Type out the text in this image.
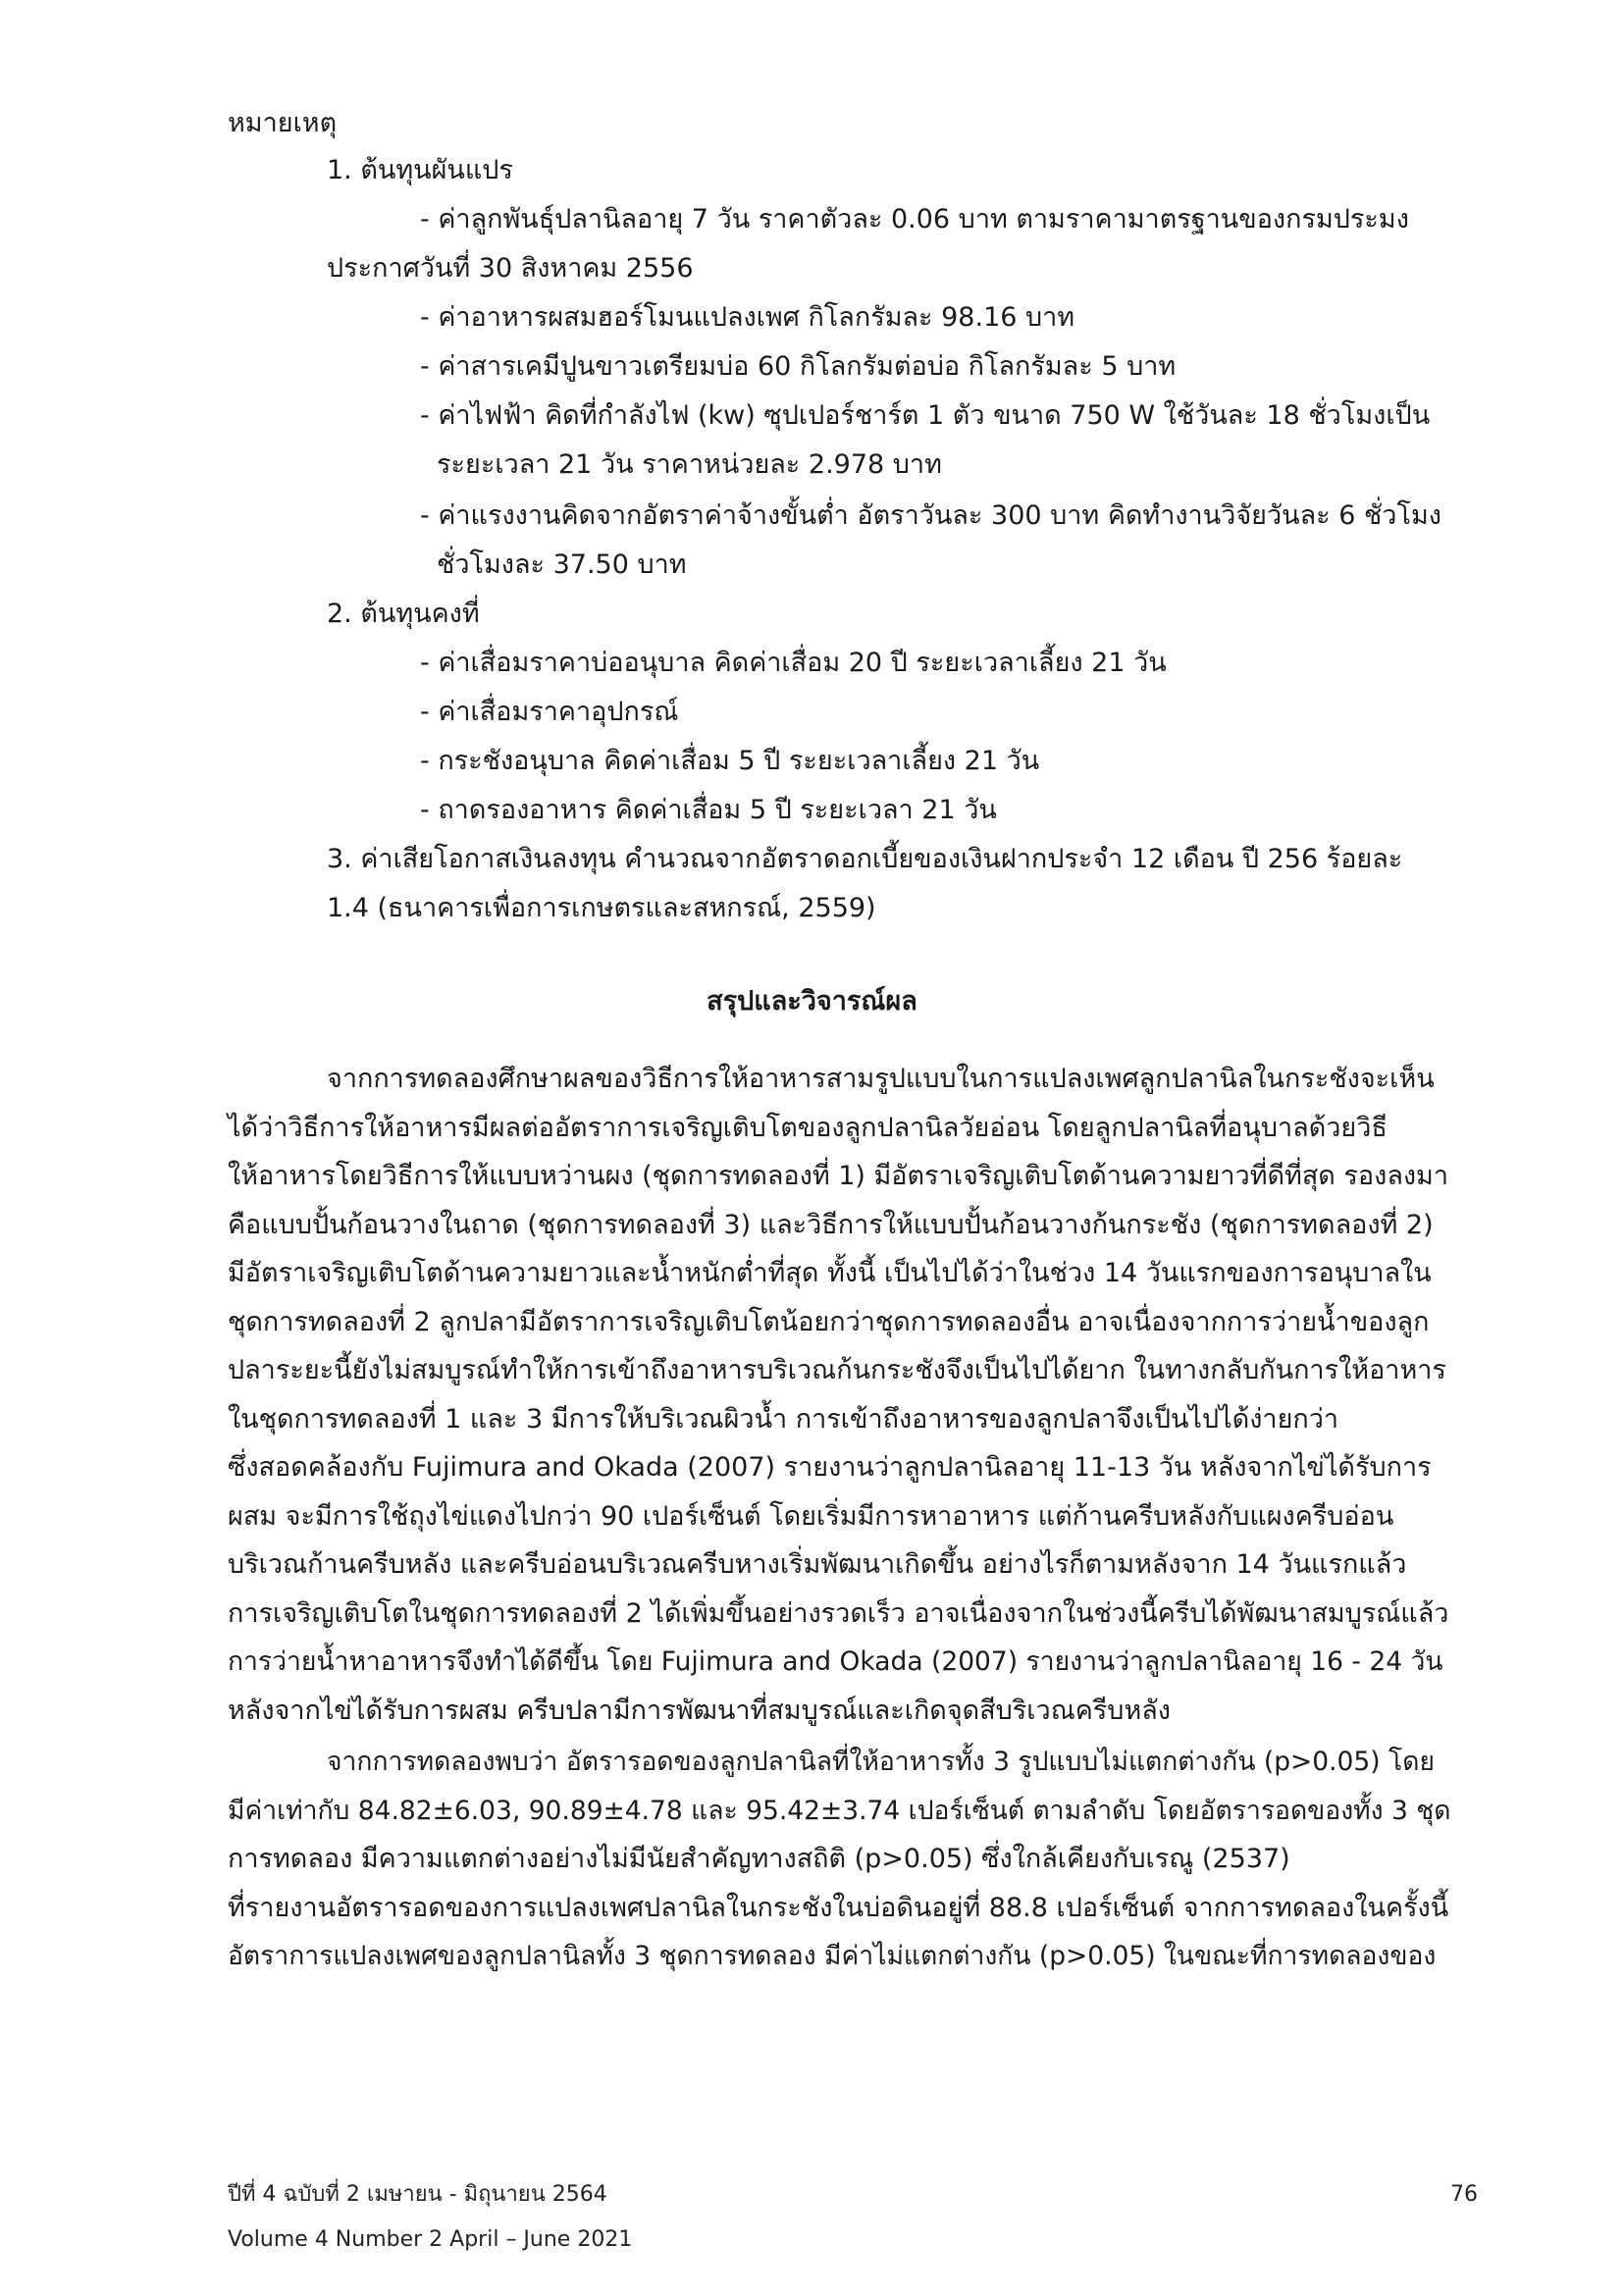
หมายเหตุ
1. ต้นทุนผันแปร
- ค่าลูกพันธุ์ปลานิลอายุ 7 วัน ราคาตัวละ 0.06 บาท ตามราคามาตรฐานของกรมประมง
ประกาศวันที่ 30 สิงหาคม 2556
- ค่าอาหารผสมฮอร์โมนแปลงเพศ กิโลกรัมละ 98.16 บาท
- ค่าสารเคมีปูนขาวเตรียมบ่อ 60 กิโลกรัมต่อบ่อ กิโลกรัมละ 5 บาท
- ค่าไฟฟ้า คิดที่กำลังไฟ (kw) ซุปเปอร์ชาร์ต 1 ตัว ขนาด 750 W ใช้วันละ 18 ชั่วโมงเป็น
ระยะเวลา 21 วัน ราคาหน่วยละ 2.978 บาท
- ค่าแรงงานคิดจากอัตราค่าจ้างขั้นต่ำ อัตราวันละ 300 บาท คิดทำงานวิจัยวันละ 6 ชั่วโมง
ชั่วโมงละ 37.50 บาท
2. ต้นทุนคงที่
- ค่าเสื่อมราคาบ่ออนุบาล คิดค่าเสื่อม 20 ปี ระยะเวลาเลี้ยง 21 วัน
- ค่าเสื่อมราคาอุปกรณ์
- กระชังอนุบาล คิดค่าเสื่อม 5 ปี ระยะเวลาเลี้ยง 21 วัน
- ถาดรองอาหาร คิดค่าเสื่อม 5 ปี ระยะเวลา 21 วัน
3. ค่าเสียโอกาสเงินลงทุน คำนวณจากอัตราดอกเบี้ยของเงินฝากประจำ 12 เดือน ปี 256 ร้อยละ
1.4 (ธนาคารเพื่อการเกษตรและสหกรณ์, 2559)
สรุปและวิจารณ์ผล
จากการทดลองศึกษาผลของวิธีการให้อาหารสามรูปแบบในการแปลงเพศลูกปลานิลในกระชังจะเห็น
ได้ว่าวิธีการให้อาหารมีผลต่ออัตราการเจริญเติบโตของลูกปลานิลวัยอ่อน โดยลูกปลานิลที่อนุบาลด้วยวิธี
ให้อาหารโดยวิธีการให้แบบหว่านผง (ชุดการทดลองที่ 1) มีอัตราเจริญเติบโตด้านความยาวที่ดีที่สุด รองลงมา
คือแบบปั้นก้อนวางในถาด (ชุดการทดลองที่ 3) และวิธีการให้แบบปั้นก้อนวางก้นกระชัง (ชุดการทดลองที่ 2)
มีอัตราเจริญเติบโตด้านความยาวและน้ำหนักต่ำที่สุด ทั้งนี้ เป็นไปได้ว่าในช่วง 14 วันแรกของการอนุบาลใน
ชุดการทดลองที่ 2 ลูกปลามีอัตราการเจริญเติบโตน้อยกว่าชุดการทดลองอื่น อาจเนื่องจากการว่ายน้ำของลูก
ปลาระยะนี้ยังไม่สมบูรณ์ทำให้การเข้าถึงอาหารบริเวณก้นกระชังจึงเป็นไปได้ยาก ในทางกลับกันการให้อาหาร
ในชุดการทดลองที่ 1 และ 3 มีการให้บริเวณผิวน้ำ การเข้าถึงอาหารของลูกปลาจึงเป็นไปได้ง่ายกว่า
ซึ่งสอดคล้องกับ Fujimura and Okada (2007) รายงานว่าลูกปลานิลอายุ 11-13 วัน หลังจากไข่ได้รับการ
ผสม จะมีการใช้ถุงไข่แดงไปกว่า 90 เปอร์เซ็นต์ โดยเริ่มมีการหาอาหาร แต่ก้านครีบหลังกับแผงครีบอ่อน
บริเวณก้านครีบหลัง และครีบอ่อนบริเวณครีบหางเริ่มพัฒนาเกิดขึ้น อย่างไรก็ตามหลังจาก 14 วันแรกแล้ว
การเจริญเติบโตในชุดการทดลองที่ 2 ได้เพิ่มขึ้นอย่างรวดเร็ว อาจเนื่องจากในช่วงนี้ครีบได้พัฒนาสมบูรณ์แล้ว
การว่ายน้ำหาอาหารจึงทำได้ดีขึ้น โดย Fujimura and Okada (2007) รายงานว่าลูกปลานิลอายุ 16 - 24 วัน
หลังจากไข่ได้รับการผสม ครีบปลามีการพัฒนาที่สมบูรณ์และเกิดจุดสีบริเวณครีบหลัง
จากการทดลองพบว่า อัตรารอดของลูกปลานิลที่ให้อาหารทั้ง 3 รูปแบบไม่แตกต่างกัน (p>0.05) โดย
มีค่าเท่ากับ 84.82±6.03, 90.89±4.78 และ 95.42±3.74 เปอร์เซ็นต์ ตามลำดับ โดยอัตรารอดของทั้ง 3 ชุด
การทดลอง มีความแตกต่างอย่างไม่มีนัยสำคัญทางสถิติ (p>0.05) ซึ่งใกล้เคียงกับเรณู (2537)
ที่รายงานอัตรารอดของการแปลงเพศปลานิลในกระชังในบ่อดินอยู่ที่ 88.8 เปอร์เซ็นต์ จากการทดลองในครั้งนี้
อัตราการแปลงเพศของลูกปลานิลทั้ง 3 ชุดการทดลอง มีค่าไม่แตกต่างกัน (p>0.05) ในขณะที่การทดลองของ
ปีที่ 4 ฉบับที่ 2 เมษายน - มิถุนายน 2564
Volume 4 Number 2 April – June 2021
76
